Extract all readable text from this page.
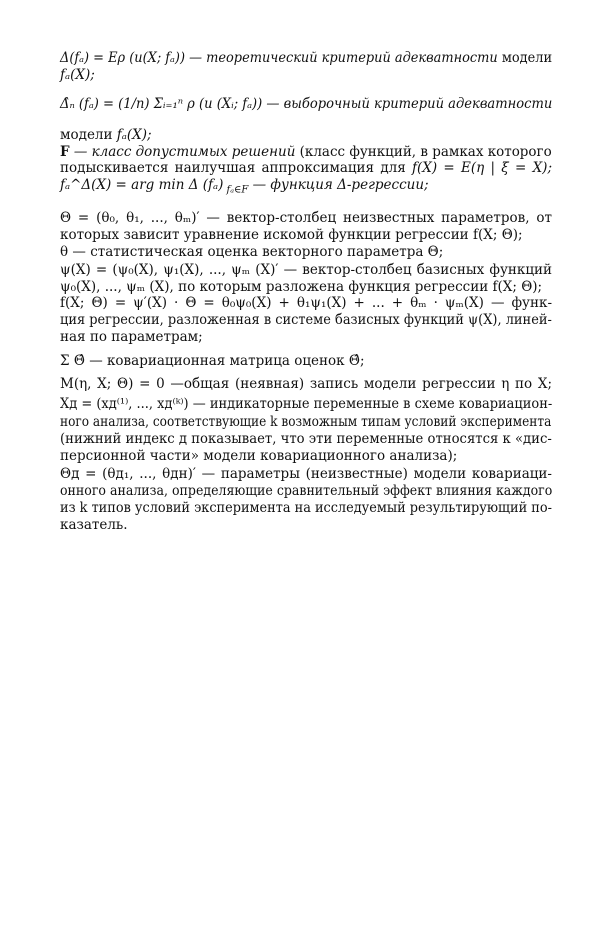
Δ(fₐ) = Eρ (u(X; fₐ)) — теоретический критерий адекватности модели
fₐ(X);
Δ̂ₙ (fₐ) = (1/n) Σᵢ₌₁ⁿ ρ (u (Xᵢ; fₐ)) — выборочный критерий адекватности
модели fₐ(X);
F — класс допустимых решений (класс функций, в рамках которого
подыскивается наилучшая аппроксимация для f(X) = E(η | ξ = X);
fₐ^Δ(X) = arg min Δ (fₐ) $_{f_a\in F}$ — функция Δ-регрессии;
Θ = (θ₀, θ₁, ..., θₘ)′ — вектор-столбец неизвестных параметров, от
которых зависит уравнение искомой функции регрессии f(X; Θ);
θ — статистическая оценка векторного параметра Θ;
ψ(X) = (ψ₀(X), ψ₁(X), ..., ψₘ (X)′ — вектор-столбец базисных функций
ψ₀(X), ..., ψₘ (X), по которым разложена функция регрессии f(X; Θ);
f(X; Θ) = ψ′(X) · Θ = θ₀ψ₀(X) + θ₁ψ₁(X) + ... + θₘ · ψₘ(X) — функ-
ция регрессии, разложенная в системе базисных функций ψ(X), линей-
ная по параметрам;
Σ Θ̂ — ковариационная матрица оценок Θ̂;
M(η, X; Θ) = 0 —общая (неявная) запись модели регрессии η по X;
Xд = (xд⁽¹⁾, ..., xд⁽ᵏ⁾) — индикаторные переменные в схеме ковариацион-
ного анализа, соответствующие k возможным типам условий эксперимента
(нижний индекс д показывает, что эти переменные относятся к «дис-
персионной части» модели ковариационного анализа);
Θд = (θд₁, ..., θдн)′ — параметры (неизвестные) модели ковариаци-
онного анализа, определяющие сравнительный эффект влияния каждого
из k типов условий эксперимента на исследуемый результирующий по-
казатель.
